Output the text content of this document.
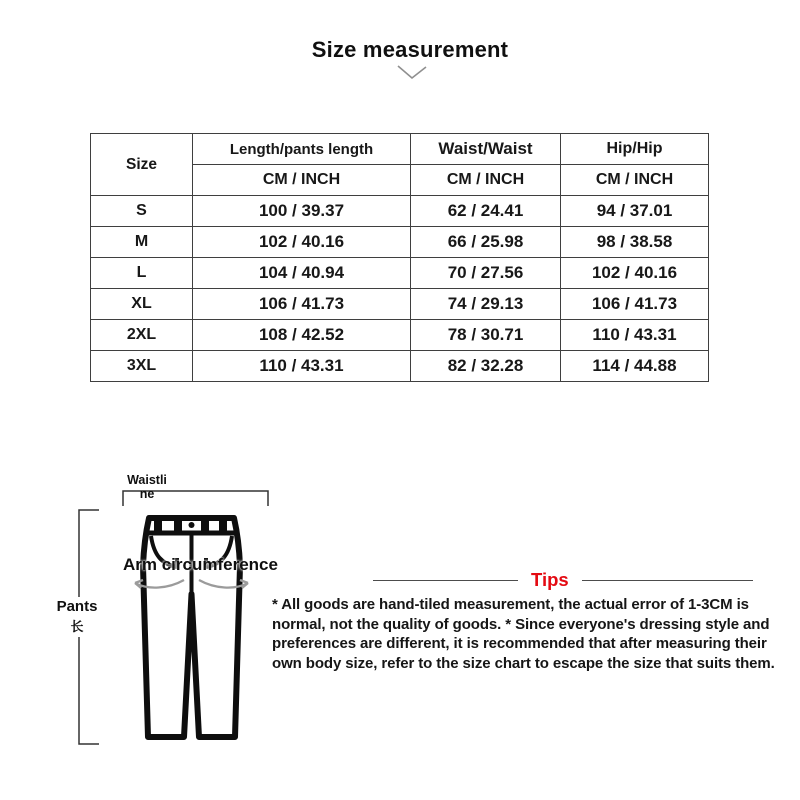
Size measurement
Size	Length/pants length	Waist/Waist	Hip/Hip
	CM / INCH	CM / INCH	CM / INCH
S	100 / 39.37	62 / 24.41	94 / 37.01
M	102 / 40.16	66 / 25.98	98 / 38.58
L	104 / 40.94	70 / 27.56	102 / 40.16
XL	106 / 41.73	74 / 29.13	106 / 41.73
2XL	108 / 42.52	78 / 30.71	110 / 43.31
3XL	110 / 43.31	82 / 32.28	114 / 44.88
Waistline
Arm circumference
Pants
长
Tips
* All goods are hand-tiled measurement, the actual error of 1-3CM is normal, not the quality of goods. * Since everyone's dressing style and preferences are different, it is recommended that after measuring their own body size, refer to the size chart to escape the size that suits them.
